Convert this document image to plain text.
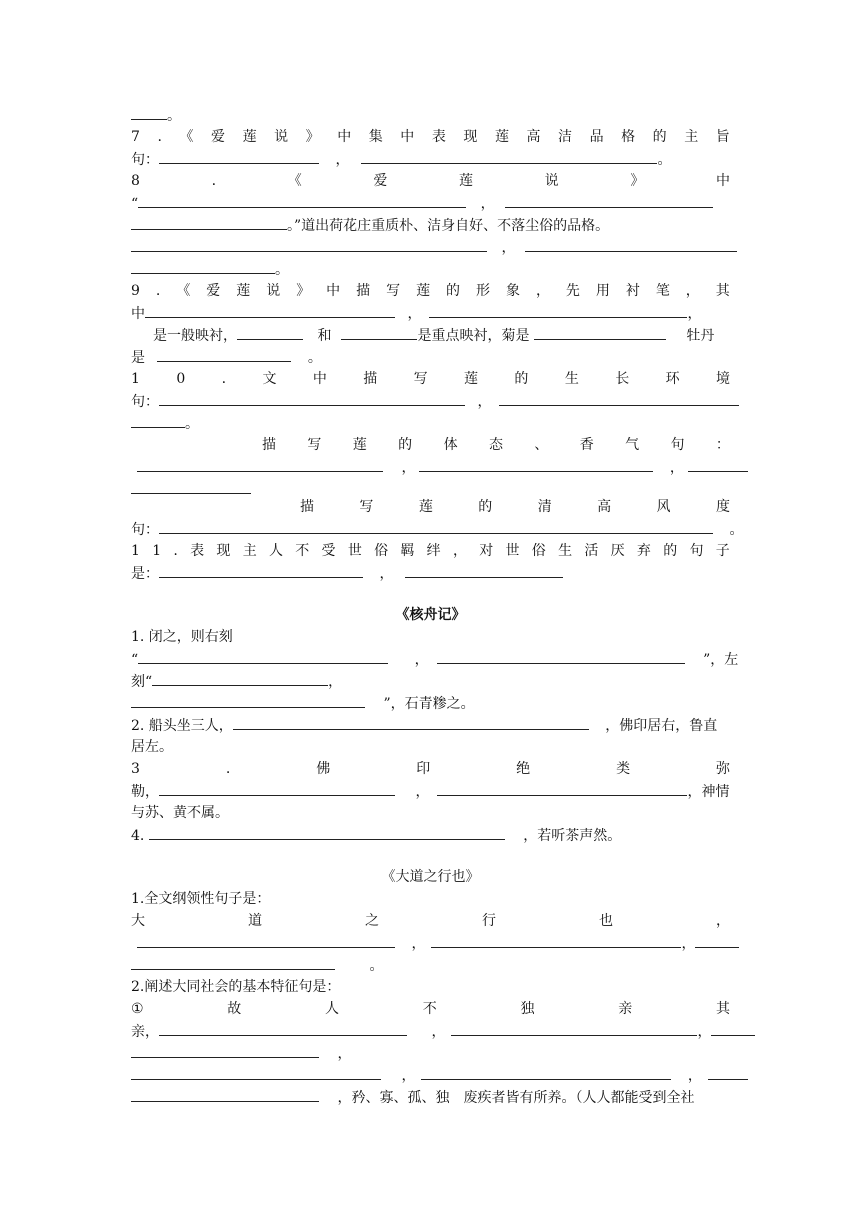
。
7 . 《 爱 莲 说 》 中 集 中 表 现 莲 高 洁 品 格 的 主 旨
句：	，	。
8	.	《	爱	莲	说	》	中
“	，
。”道出荷花庄重质朴、洁身自好、不落尘俗的品格。
，
。
9 . 《 爱 莲 说 》 中 描 写 莲 的 形 象 ， 先 用 衬 笔 ， 其
中	，	，
是一般映衬，	和	是重点映衬，菊是	牡丹
是	。
1	0	.	文	中	描	写	莲	的	生	长	环	境
句：	，
。
描 写 莲 的 体 态 、 香 气 句 ：
，	，
描	写	莲	的	清	高	风	度
句：	。
1 1 . 表 现 主 人 不 受 世 俗 羁 绊 ， 对 世 俗 生 活 厌 弃 的 句 子
是：	，
《核舟记》
1. 闭之，则右刻
“	，	”，左
刻“	，
”，石青糁之。
2. 船头坐三人，	，佛印居右，鲁直
居左。
3	.	佛	印	绝	类	弥
勒，	，	，神情
与苏、黄不属。
4.	，若听茶声然。
《大道之行也》
1.全文纲领性句子是：
大	道	之	行	也	，
，	，
。
2.阐述大同社会的基本特征句是：
①	故	人	不	独	亲	其
亲，	，	，
，
，	，
，矜、寡、孤、独　废疾者皆有所养。（人人都能受到全社
